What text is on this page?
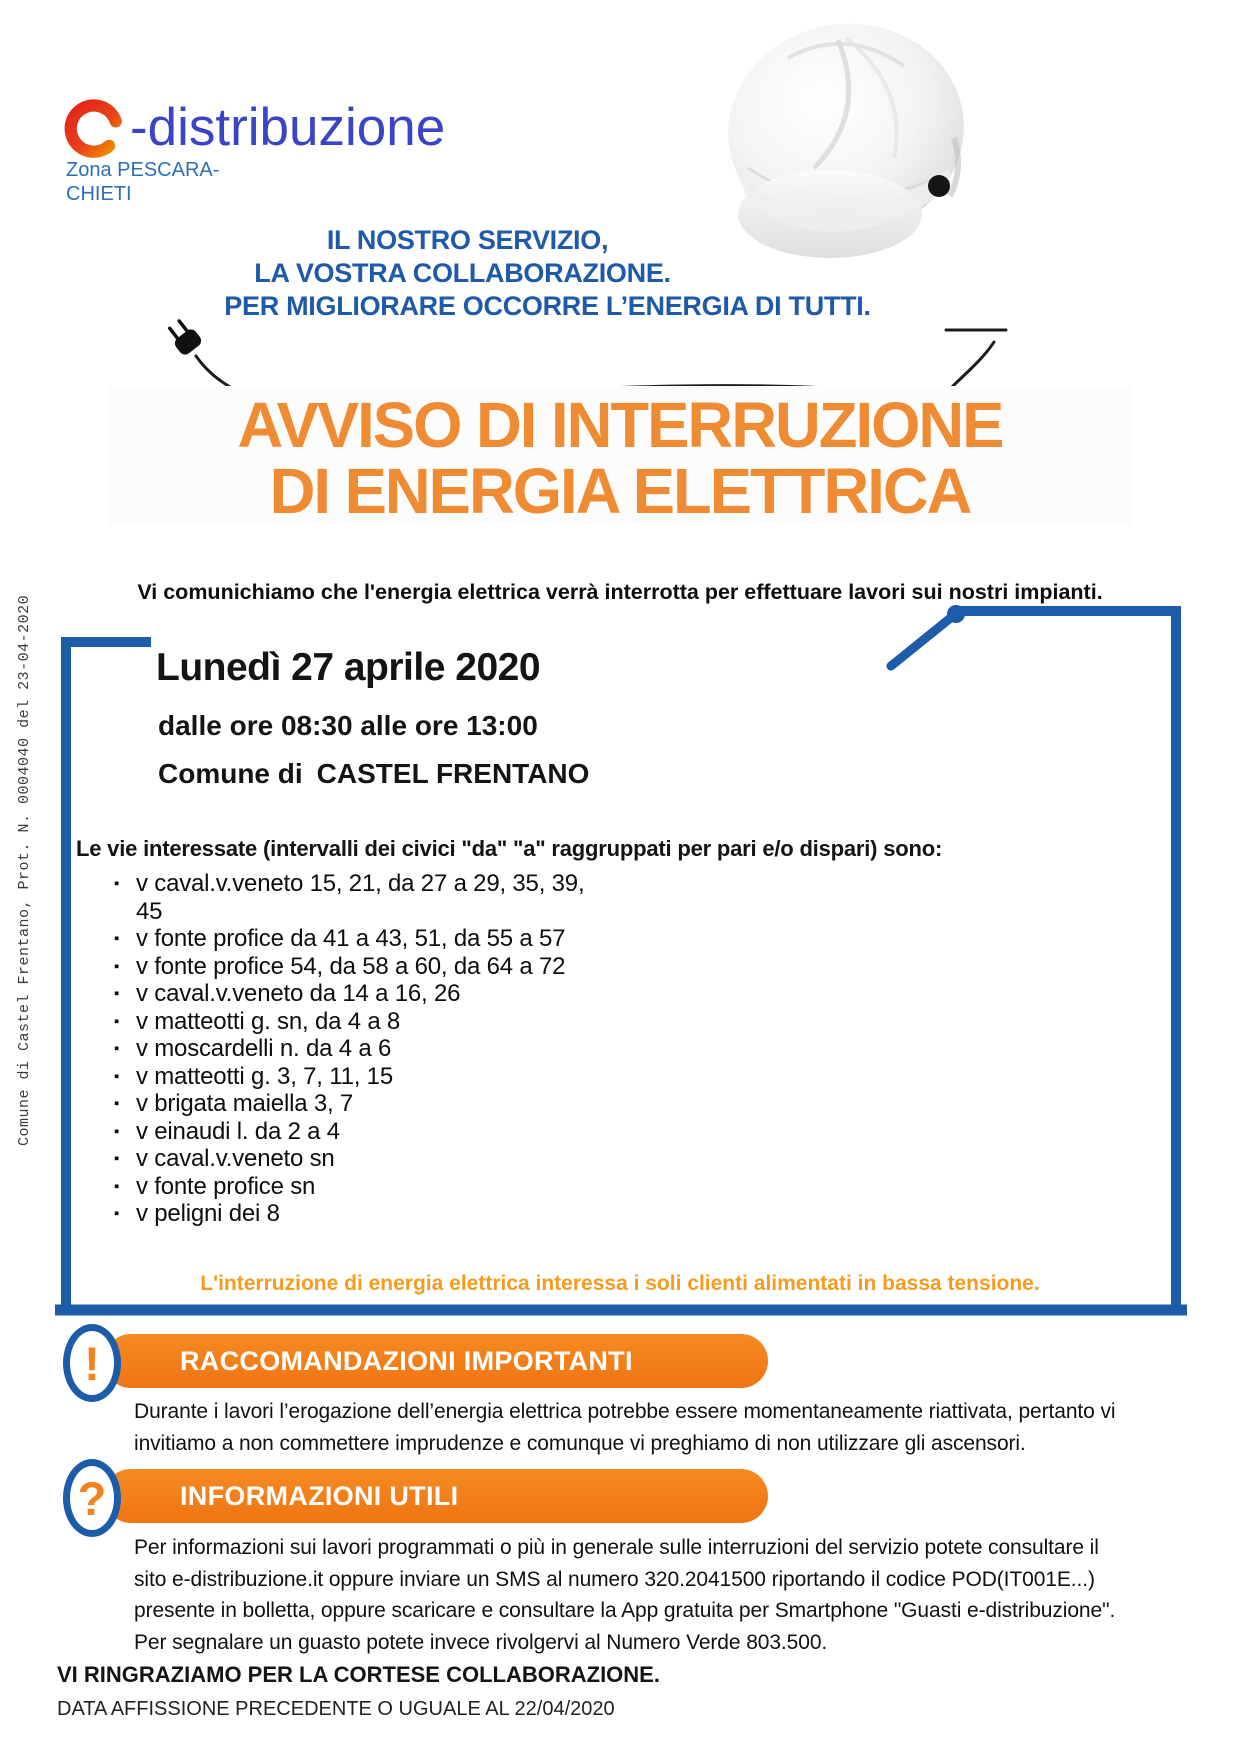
Comune di Castel Frentano, Prot. N. 0004040 del 23-04-2020
-distribuzione
Zona PESCARA-
CHIETI
IL NOSTRO SERVIZIO,
LA VOSTRA COLLABORAZIONE.
PER MIGLIORARE OCCORRE L’ENERGIA DI TUTTI.
AVVISO DI INTERRUZIONE
DI ENERGIA ELETTRICA
Vi comunichiamo che l'energia elettrica verrà interrotta per effettuare lavori sui nostri impianti.
Lunedì 27 aprile 2020
dalle ore 08:30 alle ore 13:00
Comune di CASTEL FRENTANO
Le vie interessate (intervalli dei civici "da" "a" raggruppati per pari e/o dispari) sono:
▪ v caval.v.veneto 15, 21, da 27 a 29, 35, 39, 45
▪ v fonte profice da 41 a 43, 51, da 55 a 57
▪ v fonte profice 54, da 58 a 60, da 64 a 72
▪ v caval.v.veneto da 14 a 16, 26
▪ v matteotti g. sn, da 4 a 8
▪ v moscardelli n. da 4 a 6
▪ v matteotti g. 3, 7, 11, 15
▪ v brigata maiella 3, 7
▪ v einaudi l. da 2 a 4
▪ v caval.v.veneto sn
▪ v fonte profice sn
▪ v peligni dei 8
L'interruzione di energia elettrica interessa i soli clienti alimentati in bassa tensione.
!	RACCOMANDAZIONI IMPORTANTI
Durante i lavori l’erogazione dell’energia elettrica potrebbe essere momentaneamente riattivata, pertanto vi invitiamo a non commettere imprudenze e comunque vi preghiamo di non utilizzare gli ascensori.
?	INFORMAZIONI UTILI
Per informazioni sui lavori programmati o più in generale sulle interruzioni del servizio potete consultare il sito e-distribuzione.it oppure inviare un SMS al numero 320.2041500 riportando il codice POD(IT001E...) presente in bolletta, oppure scaricare e consultare la App gratuita per Smartphone "Guasti e-distribuzione". Per segnalare un guasto potete invece rivolgervi al Numero Verde 803.500.
VI RINGRAZIAMO PER LA CORTESE COLLABORAZIONE.
DATA AFFISSIONE PRECEDENTE O UGUALE AL 22/04/2020
